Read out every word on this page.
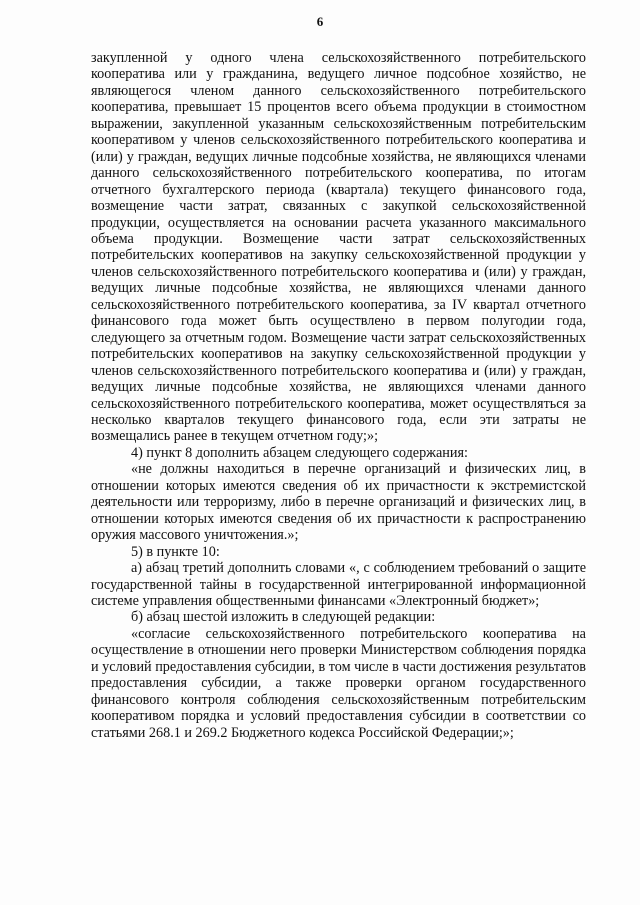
6

закупленной у одного члена сельскохозяйственного потребительского кооператива или у гражданина, ведущего личное подсобное хозяйство, не являющегося членом данного сельскохозяйственного потребительского кооператива, превышает 15 процентов всего объема продукции в стоимостном выражении, закупленной указанным сельскохозяйственным потребительским кооперативом у членов сельскохозяйственного потребительского кооператива и (или) у граждан, ведущих личные подсобные хозяйства, не являющихся членами данного сельскохозяйственного потребительского кооператива, по итогам отчетного бухгалтерского периода (квартала) текущего финансового года, возмещение части затрат, связанных с закупкой сельскохозяйственной продукции, осуществляется на основании расчета указанного максимального объема продукции. Возмещение части затрат сельскохозяйственных потребительских кооперативов на закупку сельскохозяйственной продукции у членов сельскохозяйственного потребительского кооператива и (или) у граждан, ведущих личные подсобные хозяйства, не являющихся членами данного сельскохозяйственного потребительского кооператива, за IV квартал отчетного финансового года может быть осуществлено в первом полугодии года, следующего за отчетным годом. Возмещение части затрат сельскохозяйственных потребительских кооперативов на закупку сельскохозяйственной продукции у членов сельскохозяйственного потребительского кооператива и (или) у граждан, ведущих личные подсобные хозяйства, не являющихся членами данного сельскохозяйственного потребительского кооператива, может осуществляться за несколько кварталов текущего финансового года, если эти затраты не возмещались ранее в текущем отчетном году;»;

4) пункт 8 дополнить абзацем следующего содержания:

«не должны находиться в перечне организаций и физических лиц, в отношении которых имеются сведения об их причастности к экстремистской деятельности или терроризму, либо в перечне организаций и физических лиц, в отношении которых имеются сведения об их причастности к распространению оружия массового уничтожения.»;

5) в пункте 10:

а) абзац третий дополнить словами «, с соблюдением требований о защите государственной тайны в государственной интегрированной информационной системе управления общественными финансами «Электронный бюджет»;

б) абзац шестой изложить в следующей редакции:

«согласие сельскохозяйственного потребительского кооператива на осуществление в отношении него проверки Министерством соблюдения порядка и условий предоставления субсидии, в том числе в части достижения результатов предоставления субсидии, а также проверки органом государственного финансового контроля соблюдения сельскохозяйственным потребительским кооперативом порядка и условий предоставления субсидии в соответствии со статьями 268.1 и 269.2 Бюджетного кодекса Российской Федерации;»;
